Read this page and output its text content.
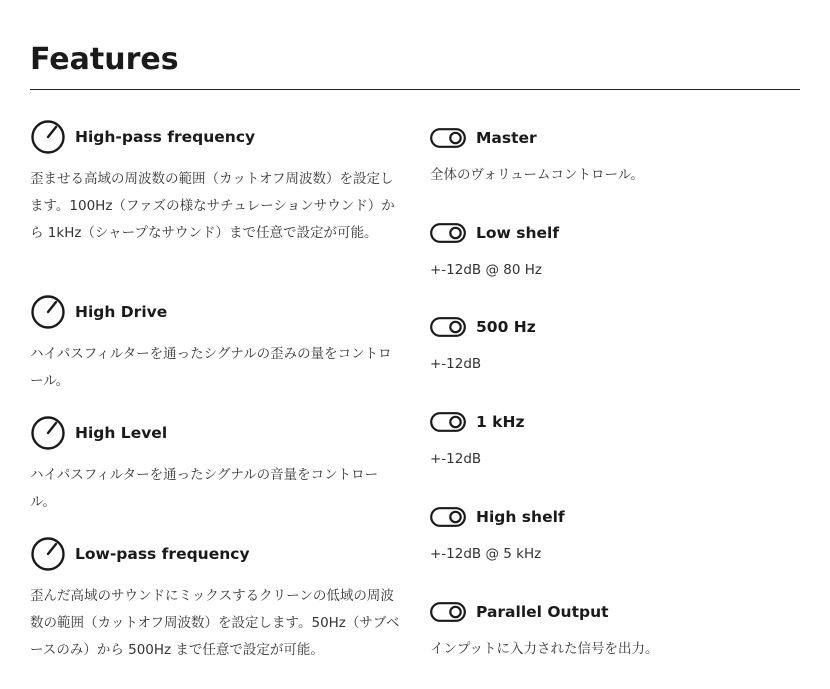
Features
High-pass frequency

歪ませる高域の周波数の範囲（カットオフ周波数）を設定します。100Hz（ファズの様なサチュレーションサウンド）から 1kHz（シャープなサウンド）まで任意で設定が可能。

High Drive

ハイパスフィルターを通ったシグナルの歪みの量をコントロール。

High Level

ハイパスフィルターを通ったシグナルの音量をコントロール。

Low-pass frequency

歪んだ高域のサウンドにミックスするクリーンの低域の周波数の範囲（カットオフ周波数）を設定します。50Hz（サブベースのみ）から 500Hz まで任意で設定が可能。

Master

全体のヴォリュームコントロール。

Low shelf

+-12dB @ 80 Hz

500 Hz

+-12dB

1 kHz

+-12dB

High shelf

+-12dB @ 5 kHz

Parallel Output

インプットに入力された信号を出力。
